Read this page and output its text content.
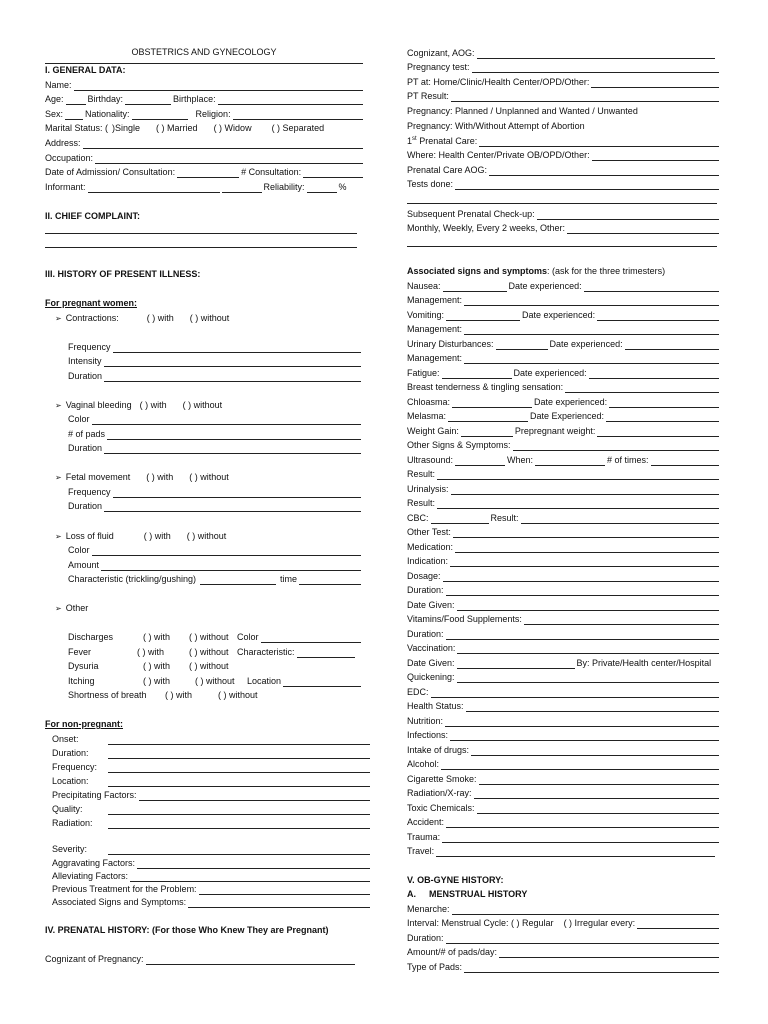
OBSTETRICS AND GYNECOLOGY
I. GENERAL DATA:
Name:
Age:	Birthday:	Birthplace:
Sex: Nationality:	Religion:
Marital Status: ( )Single ( ) Married ( ) Widow ( ) Separated
Address:
Occupation:
Date of Admission/ Consultation:	# Consultation:
Informant:	Reliability:	%
II. CHIEF COMPLAINT:
III. HISTORY OF PRESENT ILLNESS:
For pregnant women:
➢ Contractions:	( ) with ( ) without
Frequency
Intensity
Duration
➢ Vaginal bleeding ( ) with ( ) without
Color
# of pads
Duration
➢ Fetal movement ( ) with ( ) without
Frequency
Duration
➢ Loss of fluid	( ) with ( ) without
Color
Amount
Characteristic (trickling/gushing)	time
➢ Other
Discharges	( ) with	( ) without Color
Fever	( ) with	( ) without Characteristic:
Dysuria	( ) with	( ) without
Itching	( ) with	( ) without	Location
Shortness of breath	( ) with	( ) without
For non-pregnant:
Onset:
Duration:
Frequency:
Location:
Precipitating Factors:
Quality:
Radiation:
Severity:
Aggravating Factors:
Alleviating Factors:
Previous Treatment for the Problem:
Associated Signs and Symptoms:
IV. PRENATAL HISTORY: (For those Who Knew They are Pregnant)
Cognizant of Pregnancy:
Cognizant, AOG:
Pregnancy test:
PT at: Home/Clinic/Health Center/OPD/Other:
PT Result:
Pregnancy: Planned / Unplanned and Wanted / Unwanted
Pregnancy: With/Without Attempt of Abortion
1st Prenatal Care:
Where: Health Center/Private OB/OPD/Other:
Prenatal Care AOG:
Tests done:
Subsequent Prenatal Check-up:
Monthly, Weekly, Every 2 weeks, Other:
Associated signs and symptoms : (ask for the three trimesters)
Nausea:	Date experienced:
Management:
Vomiting:	Date experienced:
Management:
Urinary Disturbances:	Date experienced:
Management:
Fatigue:	Date experienced:
Breast tenderness & tingling sensation:
Chloasma:	Date experienced:
Melasma:	Date Experienced:
Weight Gain:	Prepregnant weight:
Other Signs & Symptoms:
Ultrasound:	When:	# of times:
Result:
Urinalysis:
Result:
CBC:	Result:
Other Test:
Medication:
Indication:
Dosage:
Duration:
Date Given:
Vitamins/Food Supplements:
Duration:
Vaccination:
Date Given:	By: Private/Health center/Hospital
Quickening:
EDC:
Health Status:
Nutrition:
Infections:
Intake of drugs:
Alcohol:
Cigarette Smoke:
Radiation/X-ray:
Toxic Chemicals:
Accident:
Trauma:
Travel:
V. OB-GYNE HISTORY:
A.	MENSTRUAL HISTORY
Menarche:
Interval: Menstrual Cycle: ( ) Regular ( ) Irregular every:
Duration:
Amount/# of pads/day:
Type of Pads:
